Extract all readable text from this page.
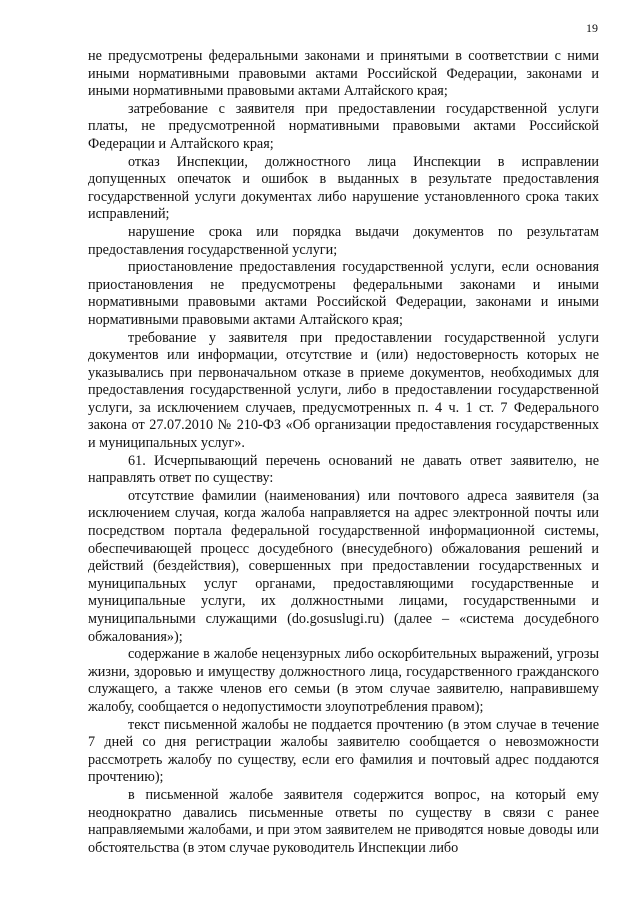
19

не предусмотрены федеральными законами и принятыми в соответствии с ними иными нормативными правовыми актами Российской Федерации, законами и иными нормативными правовыми актами Алтайского края;

затребование с заявителя при предоставлении государственной услуги платы, не предусмотренной нормативными правовыми актами Российской Федерации и Алтайского края;

отказ Инспекции, должностного лица Инспекции в исправлении допущенных опечаток и ошибок в выданных в результате предоставления государственной услуги документах либо нарушение установленного срока таких исправлений;

нарушение срока или порядка выдачи документов по результатам предоставления государственной услуги;

приостановление предоставления государственной услуги, если основания приостановления не предусмотрены федеральными законами и иными нормативными правовыми актами Российской Федерации, законами и иными нормативными правовыми актами Алтайского края;

требование у заявителя при предоставлении государственной услуги документов или информации, отсутствие и (или) недостоверность которых не указывались при первоначальном отказе в приеме документов, необходимых для предоставления государственной услуги, либо в предоставлении государственной услуги, за исключением случаев, предусмотренных п. 4 ч. 1 ст. 7 Федерального закона от 27.07.2010 № 210-ФЗ «Об организации предоставления государственных и муниципальных услуг».

61. Исчерпывающий перечень оснований не давать ответ заявителю, не направлять ответ по существу:

отсутствие фамилии (наименования) или почтового адреса заявителя (за исключением случая, когда жалоба направляется на адрес электронной почты или посредством портала федеральной государственной информационной системы, обеспечивающей процесс досудебного (внесудебного) обжалования решений и действий (бездействия), совершенных при предоставлении государственных и муниципальных услуг органами, предоставляющими государственные и муниципальные услуги, их должностными лицами, государственными и муниципальными служащими (do.gosuslugi.ru) (далее – «система досудебного обжалования»);

содержание в жалобе нецензурных либо оскорбительных выражений, угрозы жизни, здоровью и имуществу должностного лица, государственного гражданского служащего, а также членов его семьи (в этом случае заявителю, направившему жалобу, сообщается о недопустимости злоупотребления правом);

текст письменной жалобы не поддается прочтению (в этом случае в течение 7 дней со дня регистрации жалобы заявителю сообщается о невозможности рассмотреть жалобу по существу, если его фамилия и почтовый адрес поддаются прочтению);

в письменной жалобе заявителя содержится вопрос, на который ему неоднократно давались письменные ответы по существу в связи с ранее направляемыми жалобами, и при этом заявителем не приводятся новые доводы или обстоятельства (в этом случае руководитель Инспекции либо
